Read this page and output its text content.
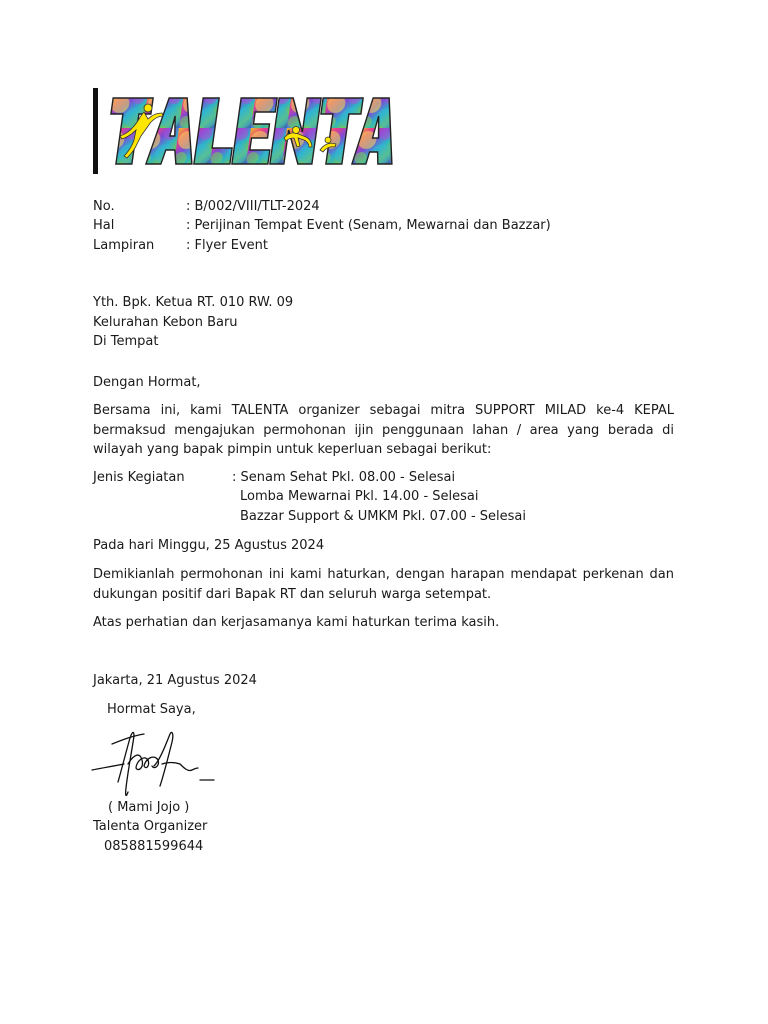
No.	: B/002/VIII/TLT-2024
Hal	: Perijinan Tempat Event (Senam, Mewarnai dan Bazzar)
Lampiran : Flyer Event
Yth. Bpk. Ketua RT. 010 RW. 09
Kelurahan Kebon Baru
Di Tempat
Dengan Hormat,
Bersama ini, kami TALENTA organizer sebagai mitra SUPPORT MILAD ke-4 KEPAL bermaksud mengajukan permohonan ijin penggunaan lahan / area yang berada di wilayah yang bapak pimpin untuk keperluan sebagai berikut:
Jenis Kegiatan	: Senam Sehat Pkl. 08.00 - Selesai
Lomba Mewarnai Pkl. 14.00 - Selesai
Bazzar Support & UMKM Pkl. 07.00 - Selesai
Pada hari Minggu, 25 Agustus 2024
Demikianlah permohonan ini kami haturkan, dengan harapan mendapat perkenan dan dukungan positif dari Bapak RT dan seluruh warga setempat.
Atas perhatian dan kerjasamanya kami haturkan terima kasih.
Jakarta, 21 Agustus 2024
Hormat Saya,
( Mami Jojo )
Talenta Organizer
085881599644
